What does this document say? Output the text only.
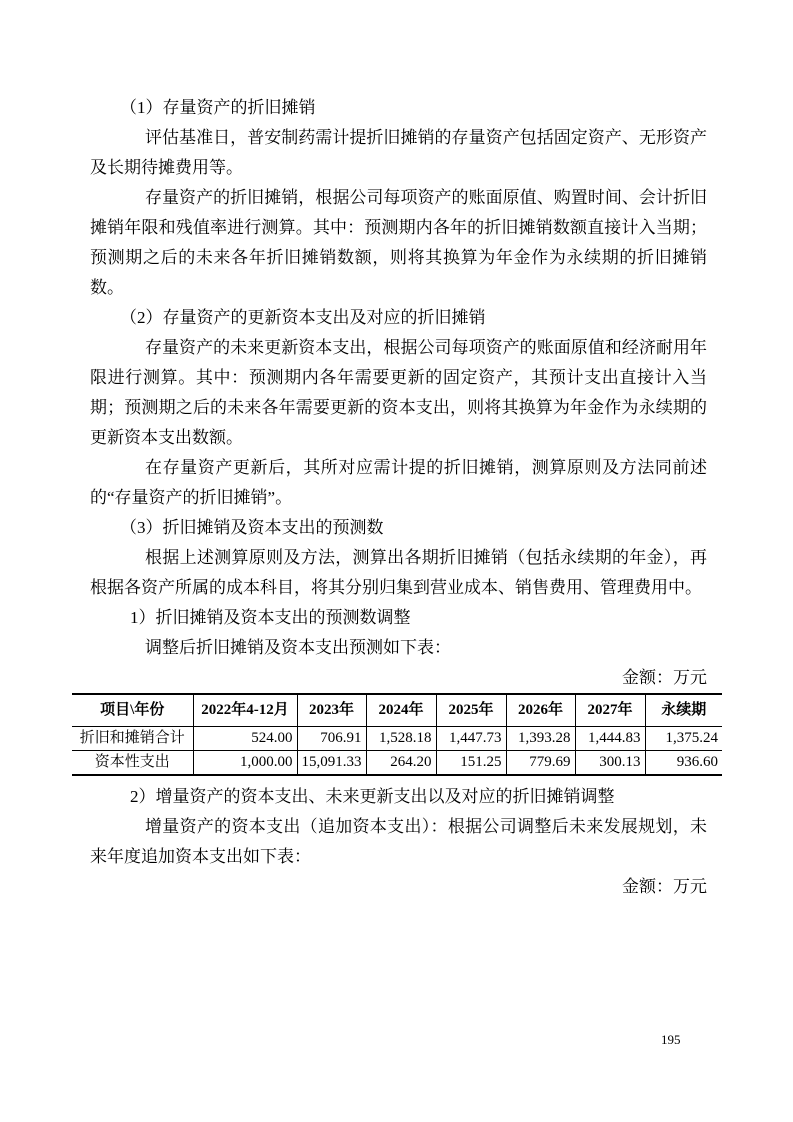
（1）存量资产的折旧摊销

评估基准日，普安制药需计提折旧摊销的存量资产包括固定资产、无形资产及长期待摊费用等。

存量资产的折旧摊销，根据公司每项资产的账面原值、购置时间、会计折旧摊销年限和残值率进行测算。其中：预测期内各年的折旧摊销数额直接计入当期；预测期之后的未来各年折旧摊销数额，则将其换算为年金作为永续期的折旧摊销数。

（2）存量资产的更新资本支出及对应的折旧摊销

存量资产的未来更新资本支出，根据公司每项资产的账面原值和经济耐用年限进行测算。其中：预测期内各年需要更新的固定资产，其预计支出直接计入当期；预测期之后的未来各年需要更新的资本支出，则将其换算为年金作为永续期的更新资本支出数额。

在存量资产更新后，其所对应需计提的折旧摊销，测算原则及方法同前述的“存量资产的折旧摊销”。

（3）折旧摊销及资本支出的预测数

根据上述测算原则及方法，测算出各期折旧摊销（包括永续期的年金），再根据各资产所属的成本科目，将其分别归集到营业成本、销售费用、管理费用中。

1）折旧摊销及资本支出的预测数调整

调整后折旧摊销及资本支出预测如下表：

金额：万元

项目\年份	2022年4-12月	2023年	2024年	2025年	2026年	2027年	永续期
折旧和摊销合计	524.00	706.91	1,528.18	1,447.73	1,393.28	1,444.83	1,375.24
资本性支出	1,000.00	15,091.33	264.20	151.25	779.69	300.13	936.60

2）增量资产的资本支出、未来更新支出以及对应的折旧摊销调整

增量资产的资本支出（追加资本支出）：根据公司调整后未来发展规划，未来年度追加资本支出如下表：

金额：万元

195
